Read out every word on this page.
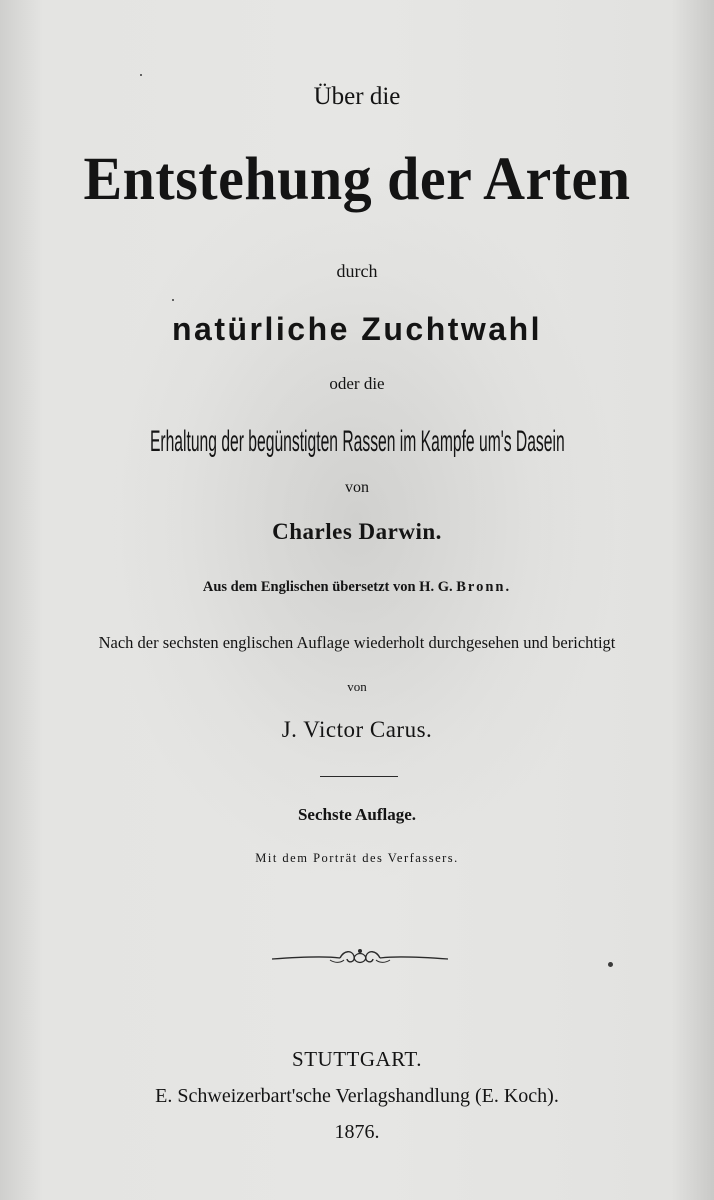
Über die
Entstehung der Arten
durch
natürliche Zuchtwahl
oder die
Erhaltung der begünstigten Rassen im Kampfe um's Dasein
von
Charles Darwin.
Aus dem Englischen übersetzt von H. G. Bronn.
Nach der sechsten englischen Auflage wiederholt durchgesehen und berichtigt
von
J. Victor Carus.
Sechste Auflage.
Mit dem Porträt des Verfassers.
STUTTGART.
E. Schweizerbart'sche Verlagshandlung (E. Koch).
1876.
